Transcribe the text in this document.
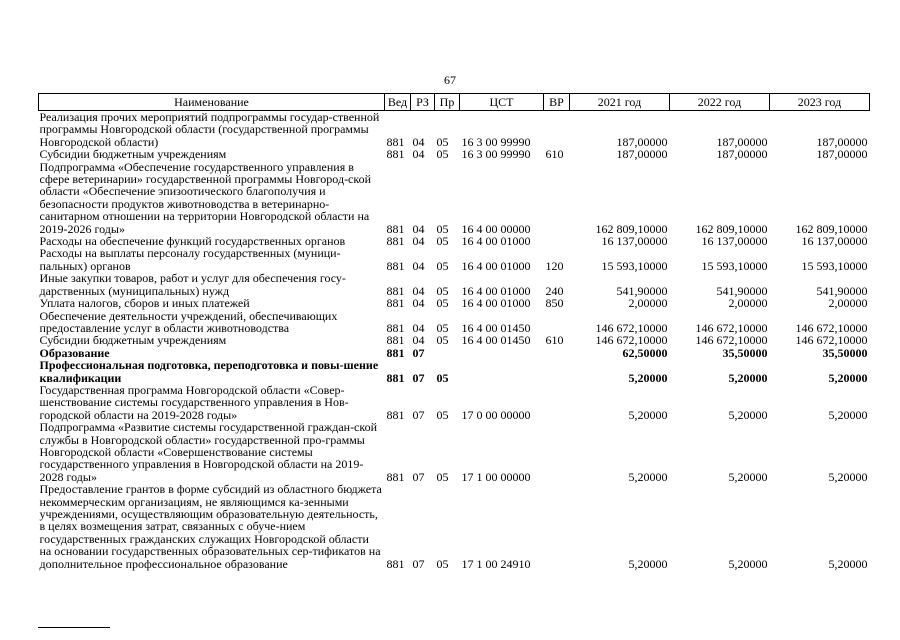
67
Наименование	Вед	РЗ	Пр	ЦСТ	ВР	2021 год	2022 год	2023 год
Реализация прочих мероприятий подпрограммы государ-ственной программы Новгородской области (государственной программы Новгородской области)	881	04	05	16 3 00 99990		187,00000	187,00000	187,00000
Субсидии бюджетным учреждениям	881	04	05	16 3 00 99990	610	187,00000	187,00000	187,00000
Подпрограмма «Обеспечение государственного управления в сфере ветеринарии» государственной программы Новгород-ской области «Обеспечение эпизоотического благополучия и безопасности продуктов животноводства в ветеринарно-санитарном отношении на территории Новгородской области на 2019-2026 годы»	881	04	05	16 4 00 00000		162 809,10000	162 809,10000	162 809,10000
Расходы на обеспечение функций государственных органов	881	04	05	16 4 00 01000		16 137,00000	16 137,00000	16 137,00000
Расходы на выплаты персоналу государственных (муници-пальных) органов	881	04	05	16 4 00 01000	120	15 593,10000	15 593,10000	15 593,10000
Иные закупки товаров, работ и услуг для обеспечения госу-дарственных (муниципальных) нужд	881	04	05	16 4 00 01000	240	541,90000	541,90000	541,90000
Уплата налогов, сборов и иных платежей	881	04	05	16 4 00 01000	850	2,00000	2,00000	2,00000
Обеспечение деятельности учреждений, обеспечивающих предоставление услуг в области животноводства	881	04	05	16 4 00 01450		146 672,10000	146 672,10000	146 672,10000
Субсидии бюджетным учреждениям	881	04	05	16 4 00 01450	610	146 672,10000	146 672,10000	146 672,10000
Образование	881	07				62,50000	35,50000	35,50000
Профессиональная подготовка, переподготовка и повы-шение квалификации	881	07	05			5,20000	5,20000	5,20000
Государственная программа Новгородской области «Совер-шенствование системы государственного управления в Нов-городской области на 2019-2028 годы»	881	07	05	17 0 00 00000		5,20000	5,20000	5,20000
Подпрограмма «Развитие системы государственной граждан-ской службы в Новгородской области» государственной про-граммы Новгородской области «Совершенствование системы государственного управления в Новгородской области на 2019-2028 годы»	881	07	05	17 1 00 00000		5,20000	5,20000	5,20000
Предоставление грантов в форме субсидий из областного бюджета некоммерческим организациям, не являющимся ка-зенными учреждениями, осуществляющим образовательную деятельность, в целях возмещения затрат, связанных с обуче-нием государственных гражданских служащих Новгородской области на основании государственных образовательных сер-тификатов на дополнительное профессиональное образование	881	07	05	17 1 00 24910		5,20000	5,20000	5,20000
